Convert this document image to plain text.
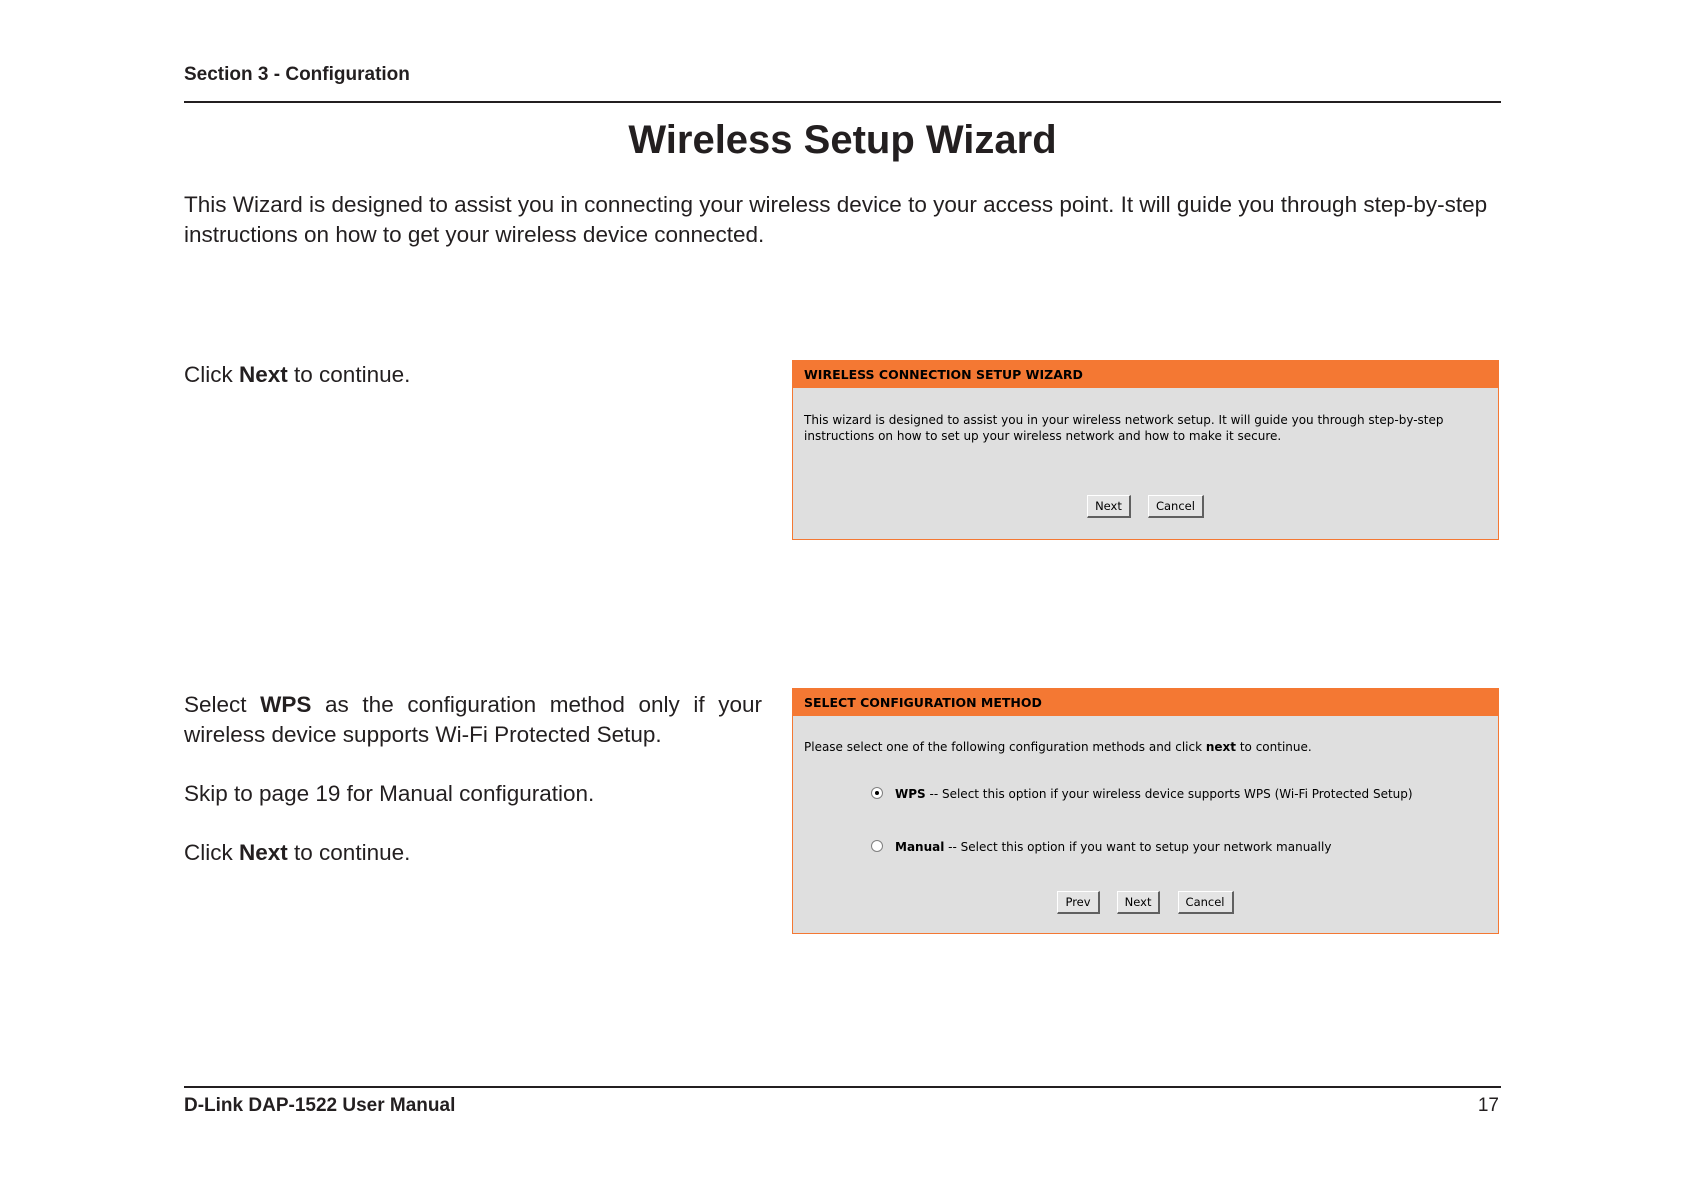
Section 3 - Configuration
Wireless Setup Wizard
This Wizard is designed to assist you in connecting your wireless device to your access point. It will guide you through step-by-step instructions on how to get your wireless device connected.
Click Next to continue.	WIRELESS CONNECTION SETUP WIZARD
This wizard is designed to assist you in your wireless network setup. It will guide you through step-by-step
instructions on how to set up your wireless network and how to make it secure.
Next	Cancel

Select WPS as the configuration method only if your wireless device supports Wi-Fi Protected Setup.

Skip to page 19 for Manual configuration.

Click Next to continue.

SELECT CONFIGURATION METHOD
Please select one of the following configuration methods and click next to continue.
WPS -- Select this option if your wireless device supports WPS (Wi-Fi Protected Setup)
Manual -- Select this option if you want to setup your network manually
Prev	Next	Cancel
D-Link DAP-1522 User Manual	17
